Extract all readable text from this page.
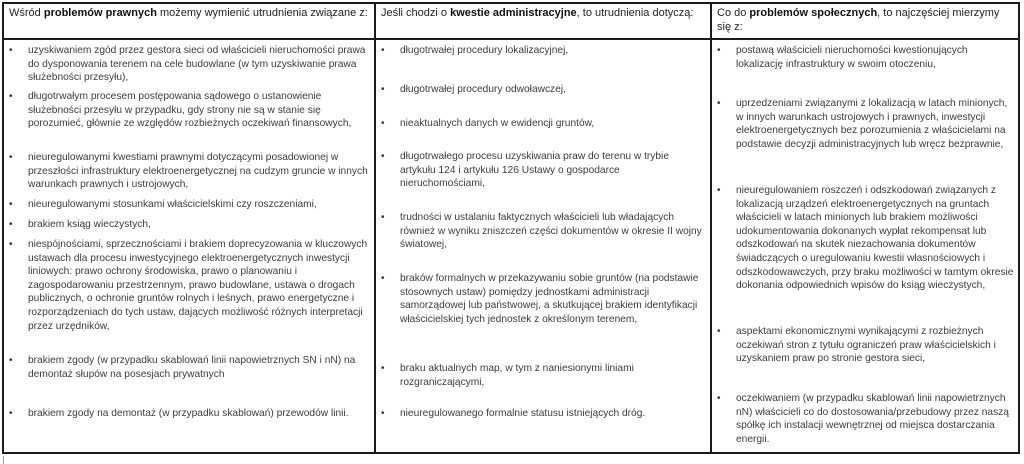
Wśród problemów prawnych możemy wymienić utrudnienia związane z:
• uzyskiwaniem zgód przez gestora sieci od właścicieli nieruchomości prawa do dysponowania terenem na cele budowlane (w tym uzyskiwanie prawa służebności przesyłu),
• długotrwałym procesem postępowania sądowego o ustanowienie służebności przesyłu w przypadku, gdy strony nie są w stanie się porozumieć, głównie ze względów rozbieżnych oczekiwań finansowych,
• nieuregulowanymi kwestiami prawnymi dotyczącymi posadowionej w przeszłości infrastruktury elektroenergetycznej na cudzym gruncie w innych warunkach prawnych i ustrojowych,
• nieuregulowanymi stosunkami właścicielskimi czy roszczeniami,
• brakiem ksiąg wieczystych,
• niespójnościami, sprzecznościami i brakiem doprecyzowania w kluczowych ustawach dla procesu inwestycyjnego elektroenergetycznych inwestycji liniowych: prawo ochrony środowiska, prawo o planowaniu i zagospodarowaniu przestrzennym, prawo budowlane, ustawa o drogach publicznych, o ochronie gruntów rolnych i leśnych, prawo energetyczne i rozporządzeniach do tych ustaw, dających możliwość różnych interpretacji przez urzędników,
• brakiem zgody (w przypadku skablowań linii napowietrznych SN i nN) na demontaż słupów na posesjach prywatnych
• brakiem zgody na demontaż (w przypadku skablowań) przewodów linii.
Jeśli chodzi o kwestie administracyjne, to utrudnienia dotyczą:
• długotrwałej procedury lokalizacyjnej,
• długotrwałej procedury odwoławczej,
• nieaktualnych danych w ewidencji gruntów,
• długotrwałego procesu uzyskiwania praw do terenu w trybie artykułu 124 i artykułu 126 Ustawy o gospodarce nieruchomościami,
• trudności w ustalaniu faktycznych właścicieli lub władających również w wyniku zniszczeń części dokumentów w okresie II wojny światowej,
• braków formalnych w przekazywaniu sobie gruntów (na podstawie stosownych ustaw) pomiędzy jednostkami administracji samorządowej lub państwowej, a skutkującej brakiem identyfikacji właścicielskiej tych jednostek z określonym terenem,
• braku aktualnych map, w tym z naniesionymi liniami rozgraniczającymi,
• nieuregulowanego formalnie statusu istniejących dróg.
Co do problemów społecznych, to najczęściej mierzymy się z:
• postawą właścicieli nieruchomości kwestionujących lokalizację infrastruktury w swoim otoczeniu,
• uprzedzeniami związanymi z lokalizacją w latach minionych, w innych warunkach ustrojowych i prawnych, inwestycji elektroenergetycznych bez porozumienia z właścicielami na podstawie decyzji administracyjnych lub wręcz bezprawnie,
• nieuregulowaniem roszczeń i odszkodowań związanych z lokalizacją urządzeń elektroenergetycznych na gruntach właścicieli w latach minionych lub brakiem możliwości udokumentowania dokonanych wypłat rekompensat lub odszkodowań na skutek niezachowania dokumentów świadczących o uregulowaniu kwestii własnościowych i odszkodowawczych, przy braku możliwości w tamtym okresie dokonania odpowiednich wpisów do ksiąg wieczystych,
• aspektami ekonomicznymi wynikającymi z rozbieżnych oczekiwań stron z tytułu ograniczeń praw właścicielskich i uzyskaniem praw po stronie gestora sieci,
• oczekiwaniem (w przypadku skablowań linii napowietrznych nN) właścicieli co do dostosowania/przebudowy przez naszą spółkę ich instalacji wewnętrznej od miejsca dostarczania energii.
